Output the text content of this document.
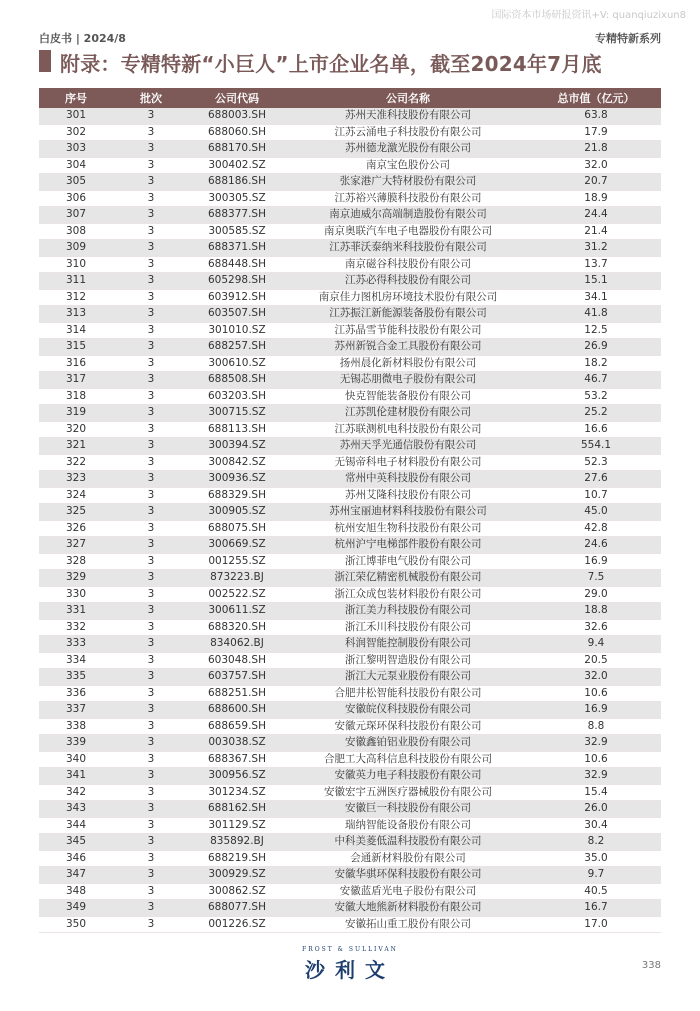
国际资本市场研报资讯+V: quanqiuzixun8
白皮书 | 2024/8	专精特新系列
附录：专精特新“小巨人”上市企业名单，截至2024年7月底
序号	批次	公司代码	公司名称	总市值（亿元）
301	3	688003.SH	苏州天准科技股份有限公司	63.8
302	3	688060.SH	江苏云涌电子科技股份有限公司	17.9
303	3	688170.SH	苏州德龙激光股份有限公司	21.8
304	3	300402.SZ	南京宝色股份公司	32.0
305	3	688186.SH	张家港广大特材股份有限公司	20.7
306	3	300305.SZ	江苏裕兴薄膜科技股份有限公司	18.9
307	3	688377.SH	南京迪威尔高端制造股份有限公司	24.4
308	3	300585.SZ	南京奥联汽车电子电器股份有限公司	21.4
309	3	688371.SH	江苏菲沃泰纳米科技股份有限公司	31.2
310	3	688448.SH	南京磁谷科技股份有限公司	13.7
311	3	605298.SH	江苏必得科技股份有限公司	15.1
312	3	603912.SH	南京佳力图机房环境技术股份有限公司	34.1
313	3	603507.SH	江苏振江新能源装备股份有限公司	41.8
314	3	301010.SZ	江苏晶雪节能科技股份有限公司	12.5
315	3	688257.SH	苏州新锐合金工具股份有限公司	26.9
316	3	300610.SZ	扬州晨化新材料股份有限公司	18.2
317	3	688508.SH	无锡芯朋微电子股份有限公司	46.7
318	3	603203.SH	快克智能装备股份有限公司	53.2
319	3	300715.SZ	江苏凯伦建材股份有限公司	25.2
320	3	688113.SH	江苏联测机电科技股份有限公司	16.6
321	3	300394.SZ	苏州天孚光通信股份有限公司	554.1
322	3	300842.SZ	无锡帝科电子材料股份有限公司	52.3
323	3	300936.SZ	常州中英科技股份有限公司	27.6
324	3	688329.SH	苏州艾隆科技股份有限公司	10.7
325	3	300905.SZ	苏州宝丽迪材料科技股份有限公司	45.0
326	3	688075.SH	杭州安旭生物科技股份有限公司	42.8
327	3	300669.SZ	杭州沪宁电梯部件股份有限公司	24.6
328	3	001255.SZ	浙江博菲电气股份有限公司	16.9
329	3	873223.BJ	浙江荣亿精密机械股份有限公司	7.5
330	3	002522.SZ	浙江众成包装材料股份有限公司	29.0
331	3	300611.SZ	浙江美力科技股份有限公司	18.8
332	3	688320.SH	浙江禾川科技股份有限公司	32.6
333	3	834062.BJ	科润智能控制股份有限公司	9.4
334	3	603048.SH	浙江黎明智造股份有限公司	20.5
335	3	603757.SH	浙江大元泵业股份有限公司	32.0
336	3	688251.SH	合肥井松智能科技股份有限公司	10.6
337	3	688600.SH	安徽皖仪科技股份有限公司	16.9
338	3	688659.SH	安徽元琛环保科技股份有限公司	8.8
339	3	003038.SZ	安徽鑫铂铝业股份有限公司	32.9
340	3	688367.SH	合肥工大高科信息科技股份有限公司	10.6
341	3	300956.SZ	安徽英力电子科技股份有限公司	32.9
342	3	301234.SZ	安徽宏宇五洲医疗器械股份有限公司	15.4
343	3	688162.SH	安徽巨一科技股份有限公司	26.0
344	3	301129.SZ	瑞纳智能设备股份有限公司	30.4
345	3	835892.BJ	中科美菱低温科技股份有限公司	8.2
346	3	688219.SH	会通新材料股份有限公司	35.0
347	3	300929.SZ	安徽华骐环保科技股份有限公司	9.7
348	3	300862.SZ	安徽蓝盾光电子股份有限公司	40.5
349	3	688077.SH	安徽大地熊新材料股份有限公司	16.7
350	3	001226.SZ	安徽拓山重工股份有限公司	17.0
FROST & SULLIVAN
沙利文	338
